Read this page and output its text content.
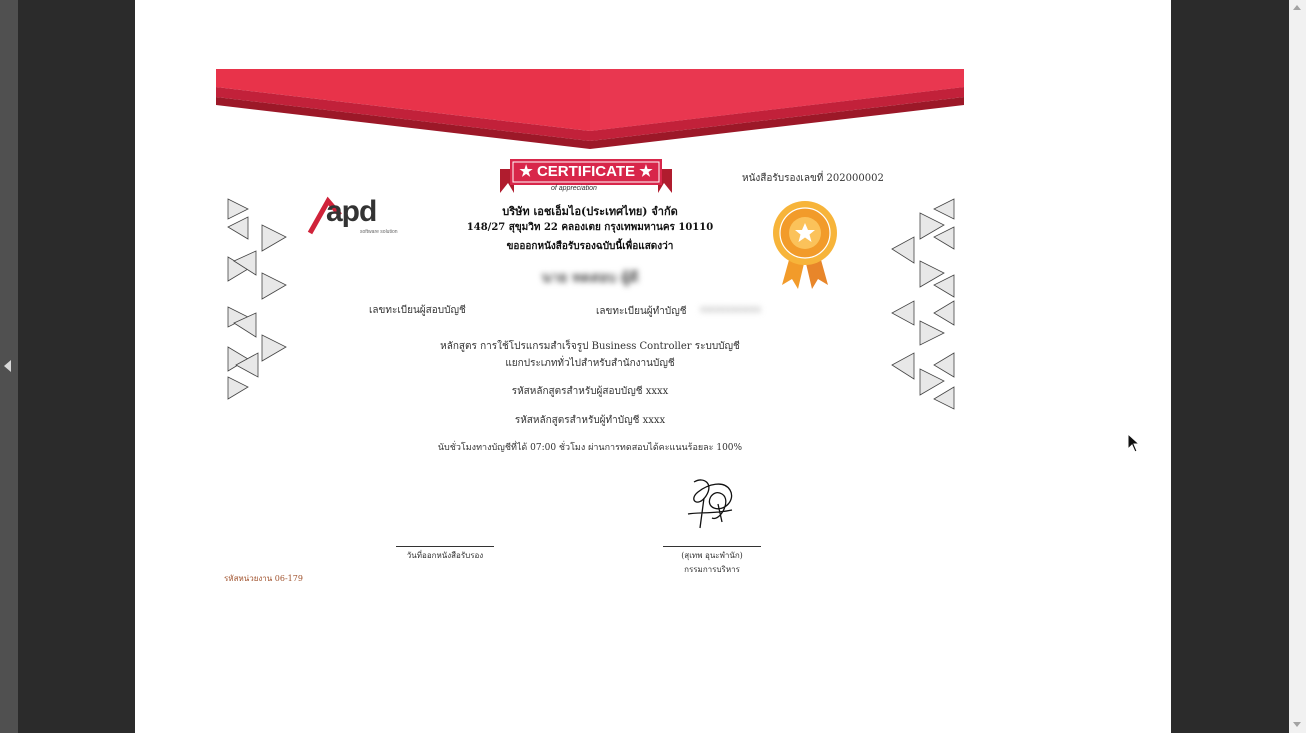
★ CERTIFICATE ★
of appreciation
หนังสือรับรองเลขที่ 202000002
apd
software solution
บริษัท เอชเอ็มไอ(ประเทศไทย) จำกัด
148/27 สุขุมวิท 22 คลองเตย กรุงเทพมหานคร 10110
ขอออกหนังสือรับรองฉบับนี้เพื่อแสดงว่า
นาย ทดสอบ ผู้ดี
เลขทะเบียนผู้สอบบัญชี	เลขทะเบียนผู้ทำบัญชี xxxxxxxxxxxx
หลักสูตร การใช้โปรแกรมสำเร็จรูป Business Controller ระบบบัญชี
แยกประเภททั่วไปสำหรับสำนักงานบัญชี
รหัสหลักสูตรสำหรับผู้สอบบัญชี xxxx
รหัสหลักสูตรสำหรับผู้ทำบัญชี xxxx
นับชั่วโมงทางบัญชีที่ได้ 07:00 ชั่วโมง ผ่านการทดสอบได้คะแนนร้อยละ 100%
วันที่ออกหนังสือรับรอง	(สุเทพ อุนะพำนัก)
กรรมการบริหาร
รหัสหน่วยงาน 06-179
